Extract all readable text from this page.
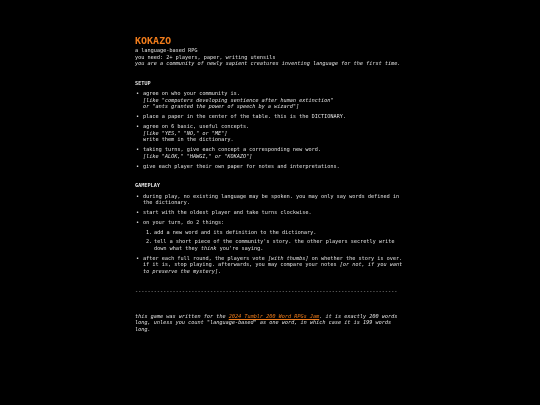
KOKAZO
a language-based RPG
you need: 2+ players, paper, writing utensils
you are a community of newly sapient creatures inventing language for the first time.
SETUP
• agree on who your community is.
[like "computers developing sentience after human extinction"
or "ants granted the power of speech by a wizard"]
• place a paper in the center of the table. this is the DICTIONARY.
• agree on 6 basic, useful concepts.
[like "YES," "NO," or "ME"]
write them in the dictionary.
• taking turns, give each concept a corresponding new word.
[like "ALOK," "HAWGI," or "KOKAZO"]
• give each player their own paper for notes and interpretations.
GAMEPLAY
• during play, no existing language may be spoken. you may only say words defined in the dictionary.
• start with the oldest player and take turns clockwise.
• on your turn, do 2 things:
1. add a new word and its definition to the dictionary.
2. tell a short piece of the community's story. the other players secretly write down what they think you're saying.
• after each full round, the players vote [with thumbs] on whether the story is over. if it is, stop playing. afterwards, you may compare your notes [or not, if you want to preserve the mystery].
------------------------------------------------------------------------------------
this game was written for the 2024 Tumblr 200 Word RPGs Jam. it is exactly 200 words long, unless you count "language-based" as one word, in which case it is 199 words long.
